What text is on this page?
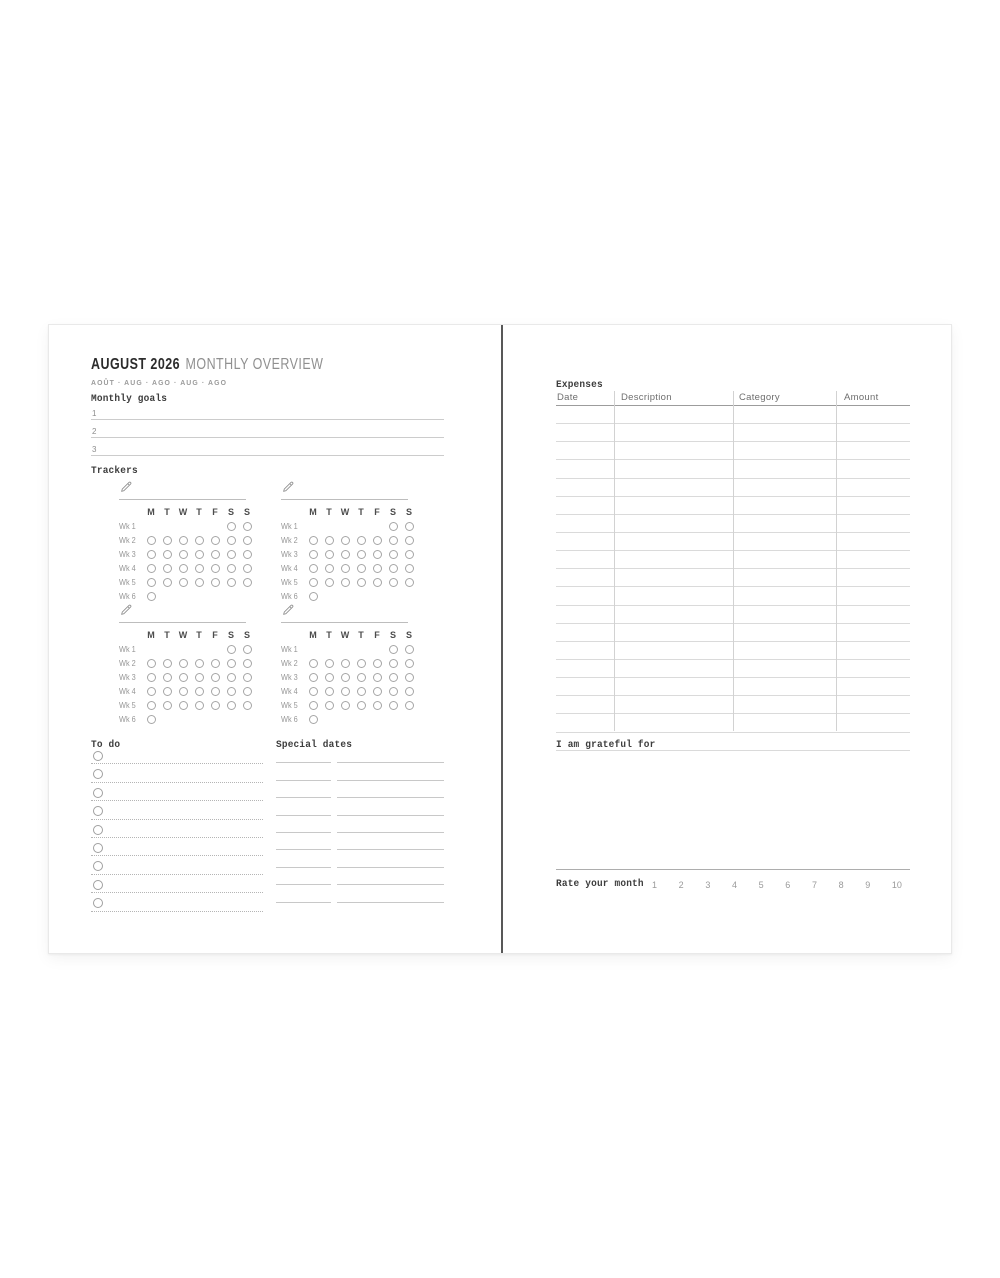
AUGUST 2026 MONTHLY OVERVIEW
AOÛT · AUG · AGO · AUG · AGO
Monthly goals
1
2
3
Trackers
M	T	W	T	F	S	S
Wk 1
Wk 2
Wk 3
Wk 4
Wk 5
Wk 6
M	T	W	T	F	S	S
Wk 1
Wk 2
Wk 3
Wk 4
Wk 5
Wk 6
M	T	W	T	F	S	S
Wk 1
Wk 2
Wk 3
Wk 4
Wk 5
Wk 6
M	T	W	T	F	S	S
Wk 1
Wk 2
Wk 3
Wk 4
Wk 5
Wk 6
To do	Special dates
Expenses
Date	Description	Category	Amount
I am grateful for
Rate your month 1 2 3 4 5 6 7 8 9 10
